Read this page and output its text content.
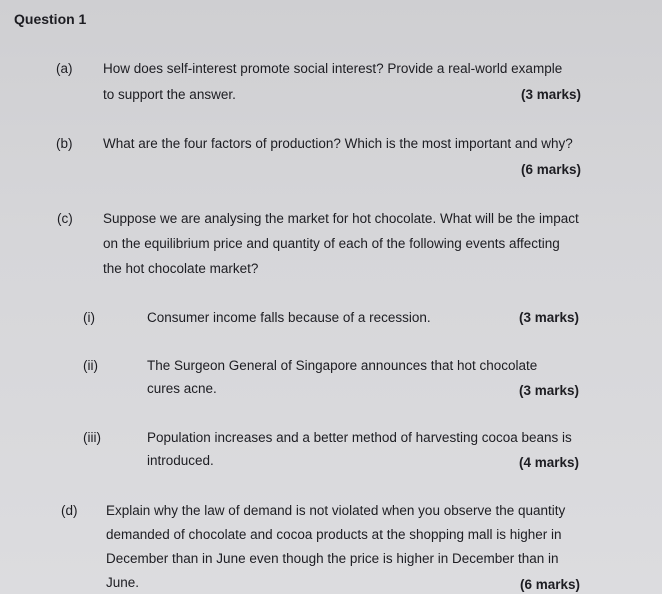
Question 1
(a) How does self-interest promote social interest? Provide a real-world example
to support the answer.	(3 marks)
(b) What are the four factors of production? Which is the most important and why?
(6 marks)
(c) Suppose we are analysing the market for hot chocolate. What will be the impact
on the equilibrium price and quantity of each of the following events affecting
the hot chocolate market?
(i)	Consumer income falls because of a recession.	(3 marks)
(ii)	The Surgeon General of Singapore announces that hot chocolate
cures acne.	(3 marks)
(iii)	Population increases and a better method of harvesting cocoa beans is
introduced.	(4 marks)
(d) Explain why the law of demand is not violated when you observe the quantity
demanded of chocolate and cocoa products at the shopping mall is higher in
December than in June even though the price is higher in December than in
June.	(6 marks)
